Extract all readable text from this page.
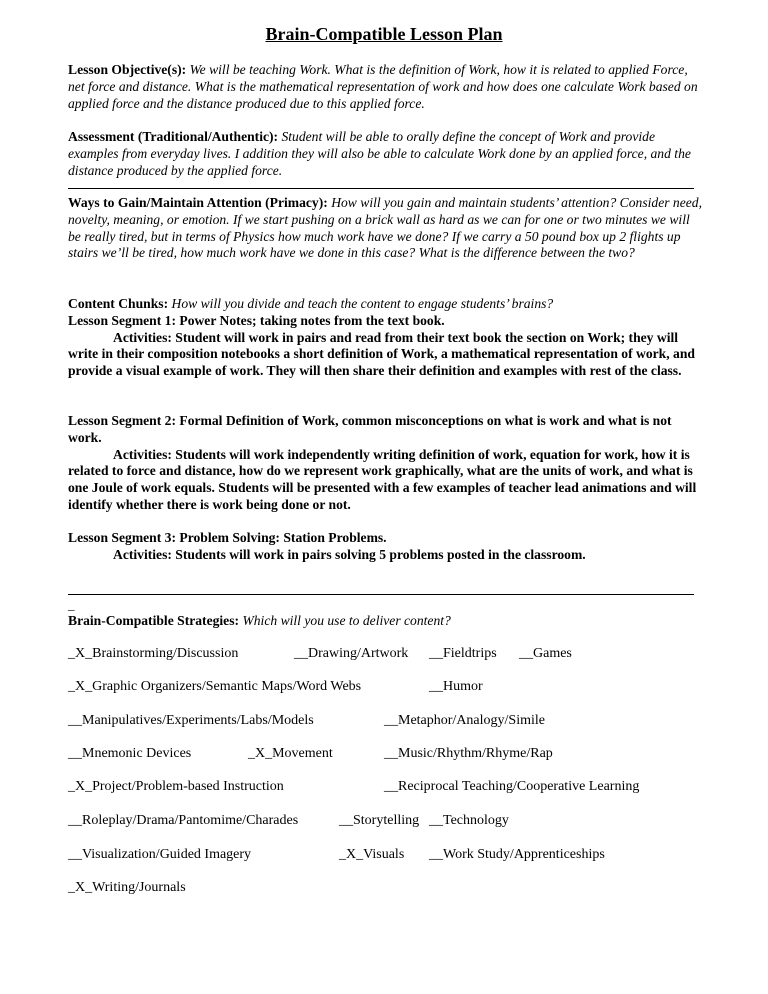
Brain-Compatible Lesson Plan
Lesson Objective(s): We will be teaching Work. What is the definition of Work, how it is related to applied Force, net force and distance. What is the mathematical representation of work and how does one calculate Work based on applied force and the distance produced due to this applied force.
Assessment (Traditional/Authentic): Student will be able to orally define the concept of Work and provide examples from everyday lives. I addition they will also be able to calculate Work done by an applied force, and the distance produced by the applied force.
Ways to Gain/Maintain Attention (Primacy): How will you gain and maintain students’ attention? Consider need, novelty, meaning, or emotion. If we start pushing on a brick wall as hard as we can for one or two minutes we will be really tired, but in terms of Physics how much work have we done? If we carry a 50 pound box up 2 flights up stairs we’ll be tired, how much work have we done in this case? What is the difference between the two?
Content Chunks: How will you divide and teach the content to engage students’ brains?
Lesson Segment 1: Power Notes; taking notes from the text book.
Activities: Student will work in pairs and read from their text book the section on Work; they will write in their composition notebooks a short definition of Work, a mathematical representation of work, and provide a visual example of work. They will then share their definition and examples with rest of the class.
Lesson Segment 2: Formal Definition of Work, common misconceptions on what is work and what is not work.
Activities: Students will work independently writing definition of work, equation for work, how it is related to force and distance, how do we represent work graphically, what are the units of work, and what is one Joule of work equals. Students will be presented with a few examples of teacher lead animations and will identify whether there is work being done or not.
Lesson Segment 3: Problem Solving: Station Problems.
Activities: Students will work in pairs solving 5 problems posted in the classroom.
_
Brain-Compatible Strategies: Which will you use to deliver content?
_X_Brainstorming/Discussion	__Drawing/Artwork __Fieldtrips __Games
_X_Graphic Organizers/Semantic Maps/Word Webs	__Humor
__Manipulatives/Experiments/Labs/Models	__Metaphor/Analogy/Simile
__Mnemonic Devices	_X_Movement	__Music/Rhythm/Rhyme/Rap
_X_Project/Problem-based Instruction	__Reciprocal Teaching/Cooperative Learning
__Roleplay/Drama/Pantomime/Charades	__Storytelling __Technology
__Visualization/Guided Imagery	_X_Visuals __Work Study/Apprenticeships
_X_Writing/Journals
